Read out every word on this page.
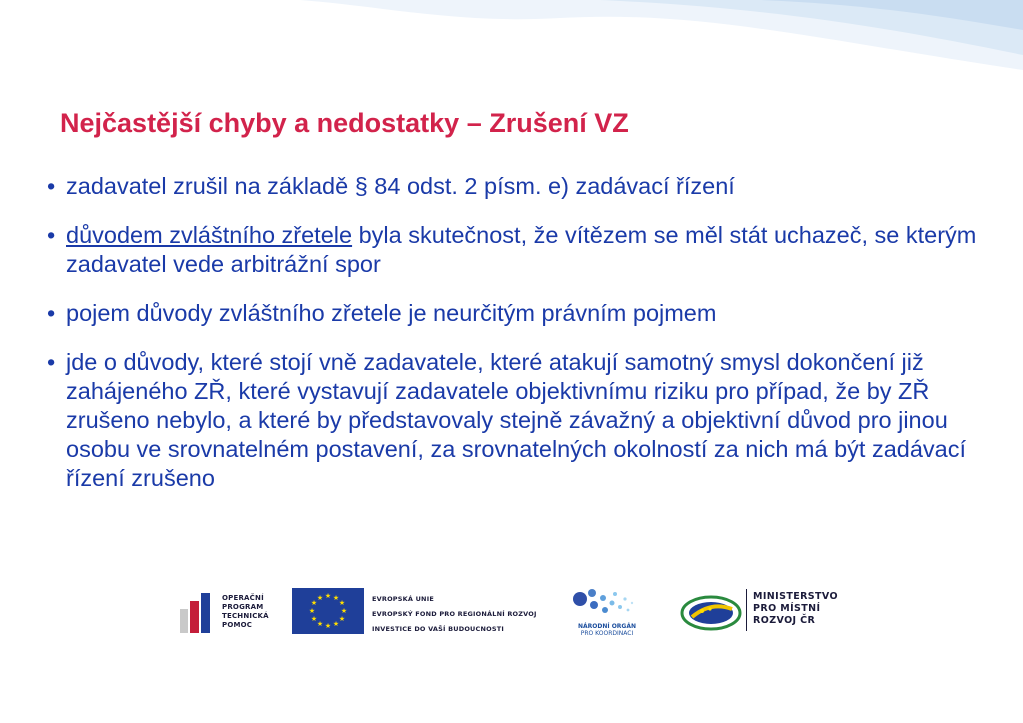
Nejčastější chyby a nedostatky – Zrušení VZ
• zadavatel zrušil na základě § 84 odst. 2 písm. e) zadávací řízení
• důvodem zvláštního zřetele byla skutečnost, že vítězem se měl stát uchazeč, se kterým zadavatel vede arbitrážní spor
• pojem důvody zvláštního zřetele je neurčitým právním pojmem
• jde o důvody, které stojí vně zadavatele, které atakují samotný smysl dokončení již zahájeného ZŘ, které vystavují zadavatele objektivnímu riziku pro případ, že by ZŘ zrušeno nebylo, a které by představovaly stejně závažný a objektivní důvod pro jinou osobu ve srovnatelném postavení, za srovnatelných okolností za nich má být zadávací řízení zrušeno
OPERAČNÍ
PROGRAM
TECHNICKÁ
POMOC
★ ★
★
★
★
★
★
★
★
★
★
★	EVROPSKÁ UNIE
EVROPSKÝ FOND PRO REGIONÁLNÍ ROZVOJ
INVESTICE DO VAŠÍ BUDOUCNOSTI	NÁRODNÍ ORGÁN
PRO KOORDINACI
MINISTERSTVO
PRO MÍSTNÍ
ROZVOJ ČR
